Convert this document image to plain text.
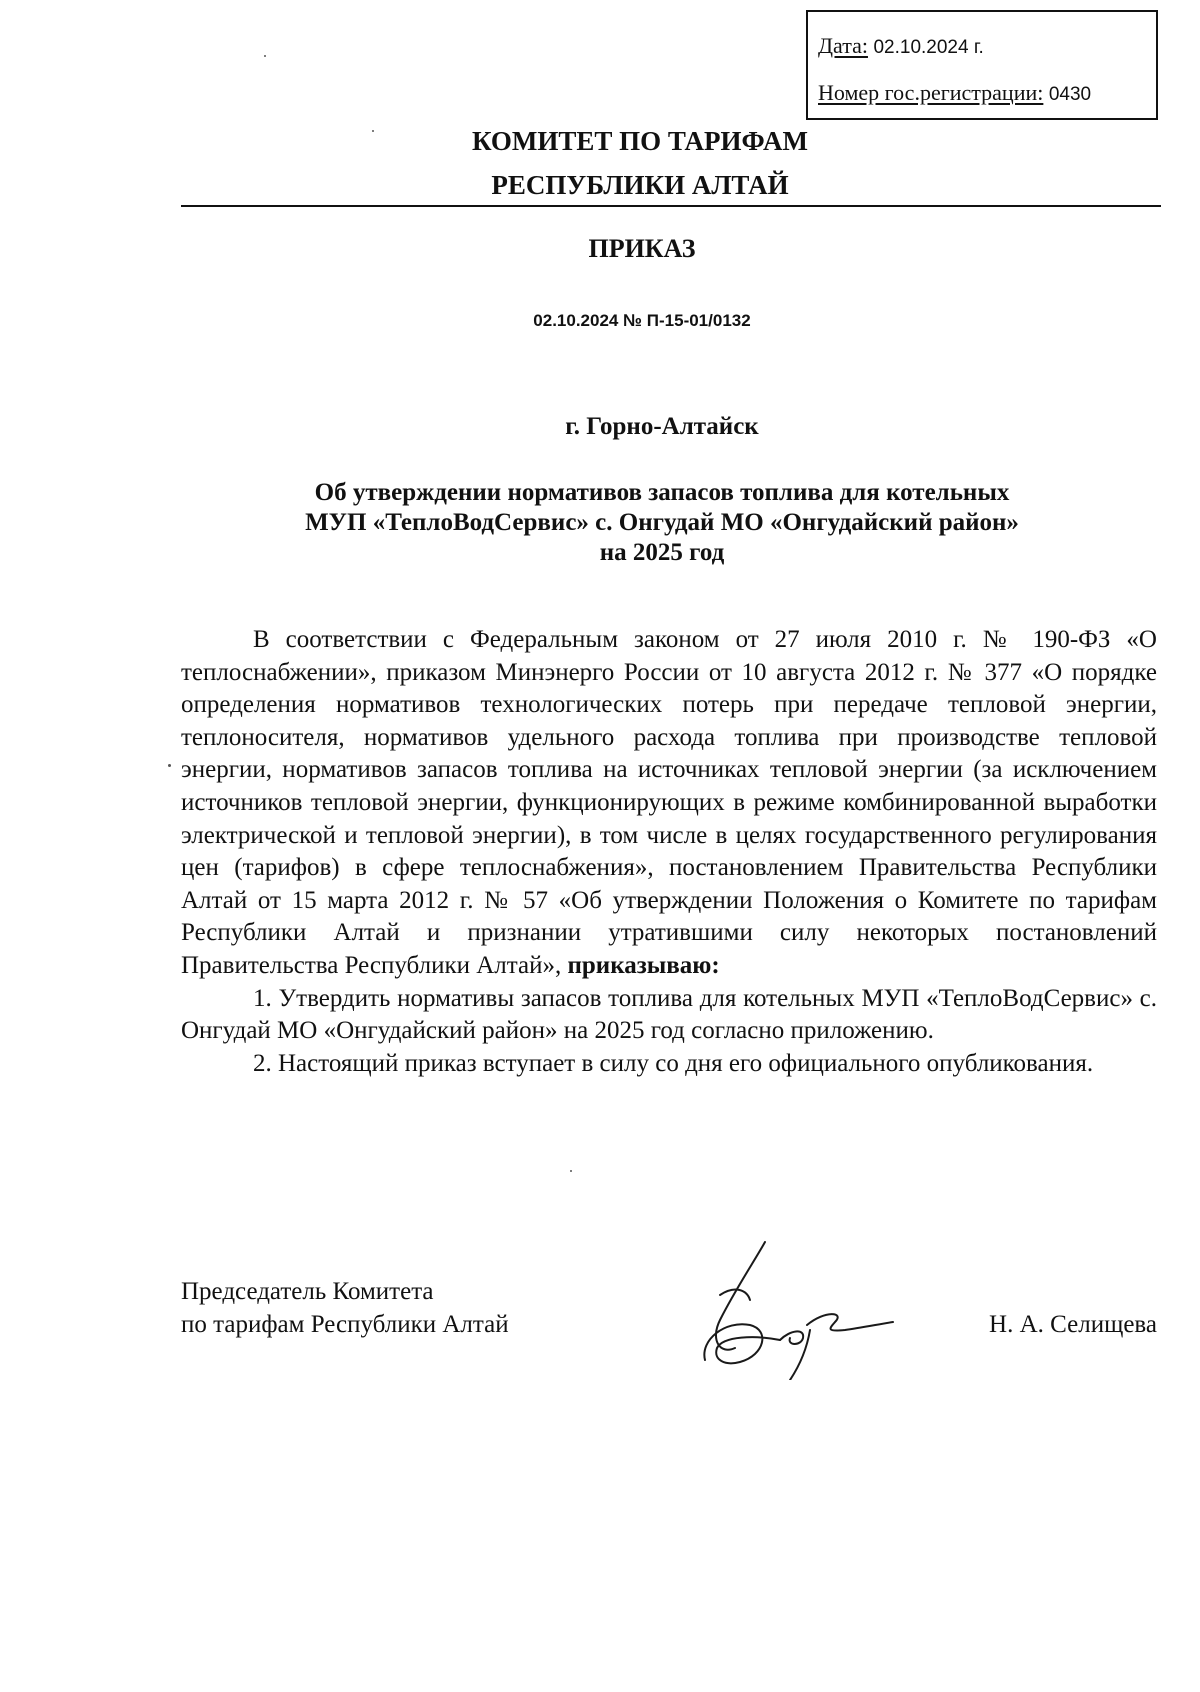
Дата: 02.10.2024 г.
Номер гос.регистрации: 0430
КОМИТЕТ ПО ТАРИФАМ
РЕСПУБЛИКИ АЛТАЙ
ПРИКАЗ
02.10.2024 № П-15-01/0132
г. Горно-Алтайск
Об утверждении нормативов запасов топлива для котельных
МУП «ТеплоВодСервис» с. Онгудай МО «Онгудайский район»
на 2025 год

В соответствии с Федеральным законом от 27 июля 2010 г. № 190-ФЗ «О теплоснабжении», приказом Минэнерго России от 10 августа 2012 г. № 377 «О порядке определения нормативов технологических потерь при передаче тепловой энергии, теплоносителя, нормативов удельного расхода топлива при производстве тепловой энергии, нормативов запасов топлива на источниках тепловой энергии (за исключением источников тепловой энергии, функционирующих в режиме комбинированной выработки электрической и тепловой энергии), в том числе в целях государственного регулирования цен (тарифов) в сфере теплоснабжения», постановлением Правительства Республики Алтай от 15 марта 2012 г. № 57 «Об утверждении Положения о Комитете по тарифам Республики Алтай и признании утратившими силу некоторых постановлений Правительства Республики Алтай», приказываю:

1. Утвердить нормативы запасов топлива для котельных МУП «ТеплоВодСервис» с. Онгудай МО «Онгудайский район» на 2025 год согласно приложению.

2. Настоящий приказ вступает в силу со дня его официального опубликования.

Председатель Комитета
по тарифам Республики Алтай	Н. А. Селищева
